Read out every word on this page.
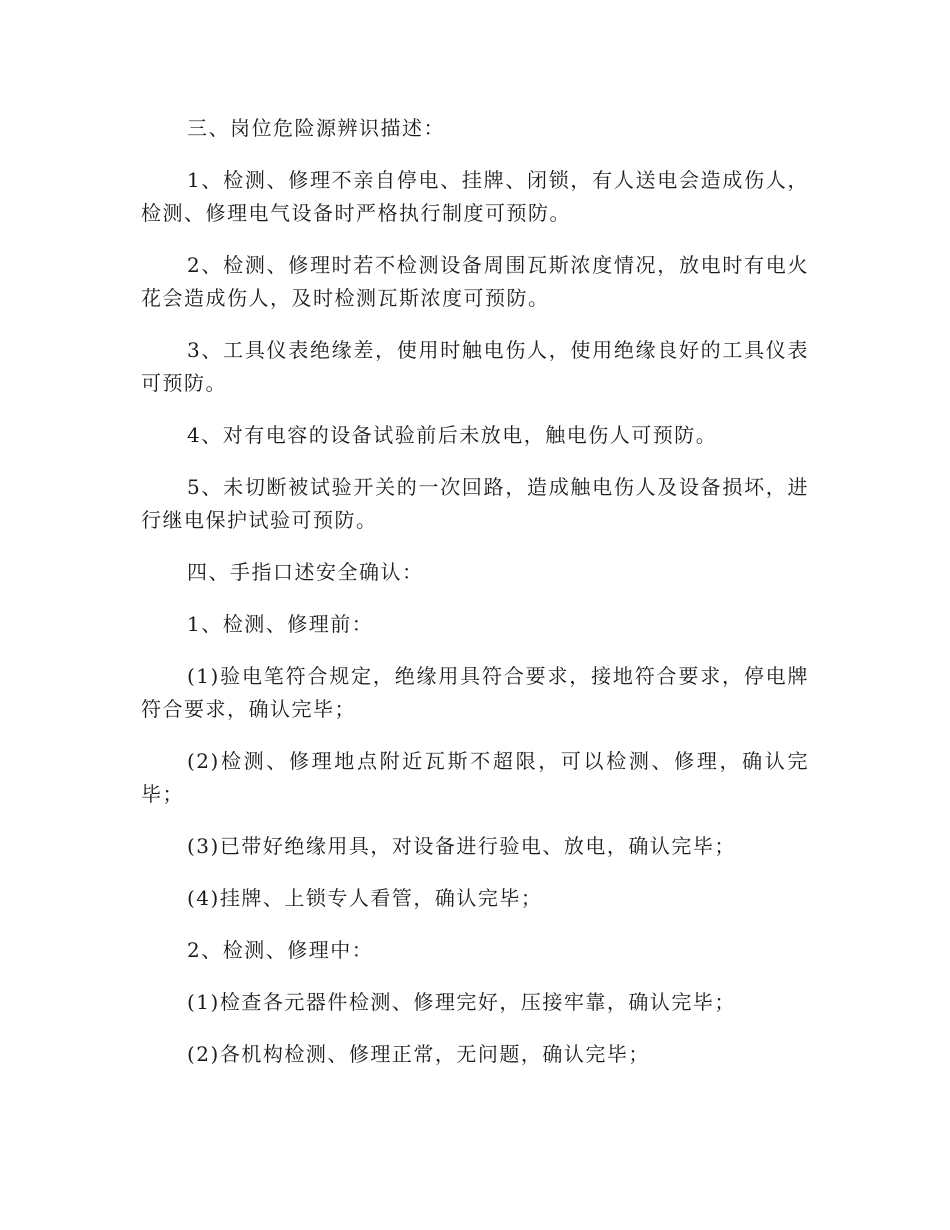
三、岗位危险源辨识描述：

1、检测、修理不亲自停电、挂牌、闭锁，有人送电会造成伤人，检测、修理电气设备时严格执行制度可预防。

2、检测、修理时若不检测设备周围瓦斯浓度情况，放电时有电火花会造成伤人，及时检测瓦斯浓度可预防。

3、工具仪表绝缘差，使用时触电伤人，使用绝缘良好的工具仪表可预防。

4、对有电容的设备试验前后未放电，触电伤人可预防。

5、未切断被试验开关的一次回路，造成触电伤人及设备损坏，进行继电保护试验可预防。

四、手指口述安全确认：

1、检测、修理前：

(1)验电笔符合规定，绝缘用具符合要求，接地符合要求，停电牌符合要求，确认完毕；

(2)检测、修理地点附近瓦斯不超限，可以检测、修理，确认完毕；

(3)已带好绝缘用具，对设备进行验电、放电，确认完毕；

(4)挂牌、上锁专人看管，确认完毕；

2、检测、修理中：

(1)检查各元器件检测、修理完好，压接牢靠，确认完毕；

(2)各机构检测、修理正常，无问题，确认完毕；
